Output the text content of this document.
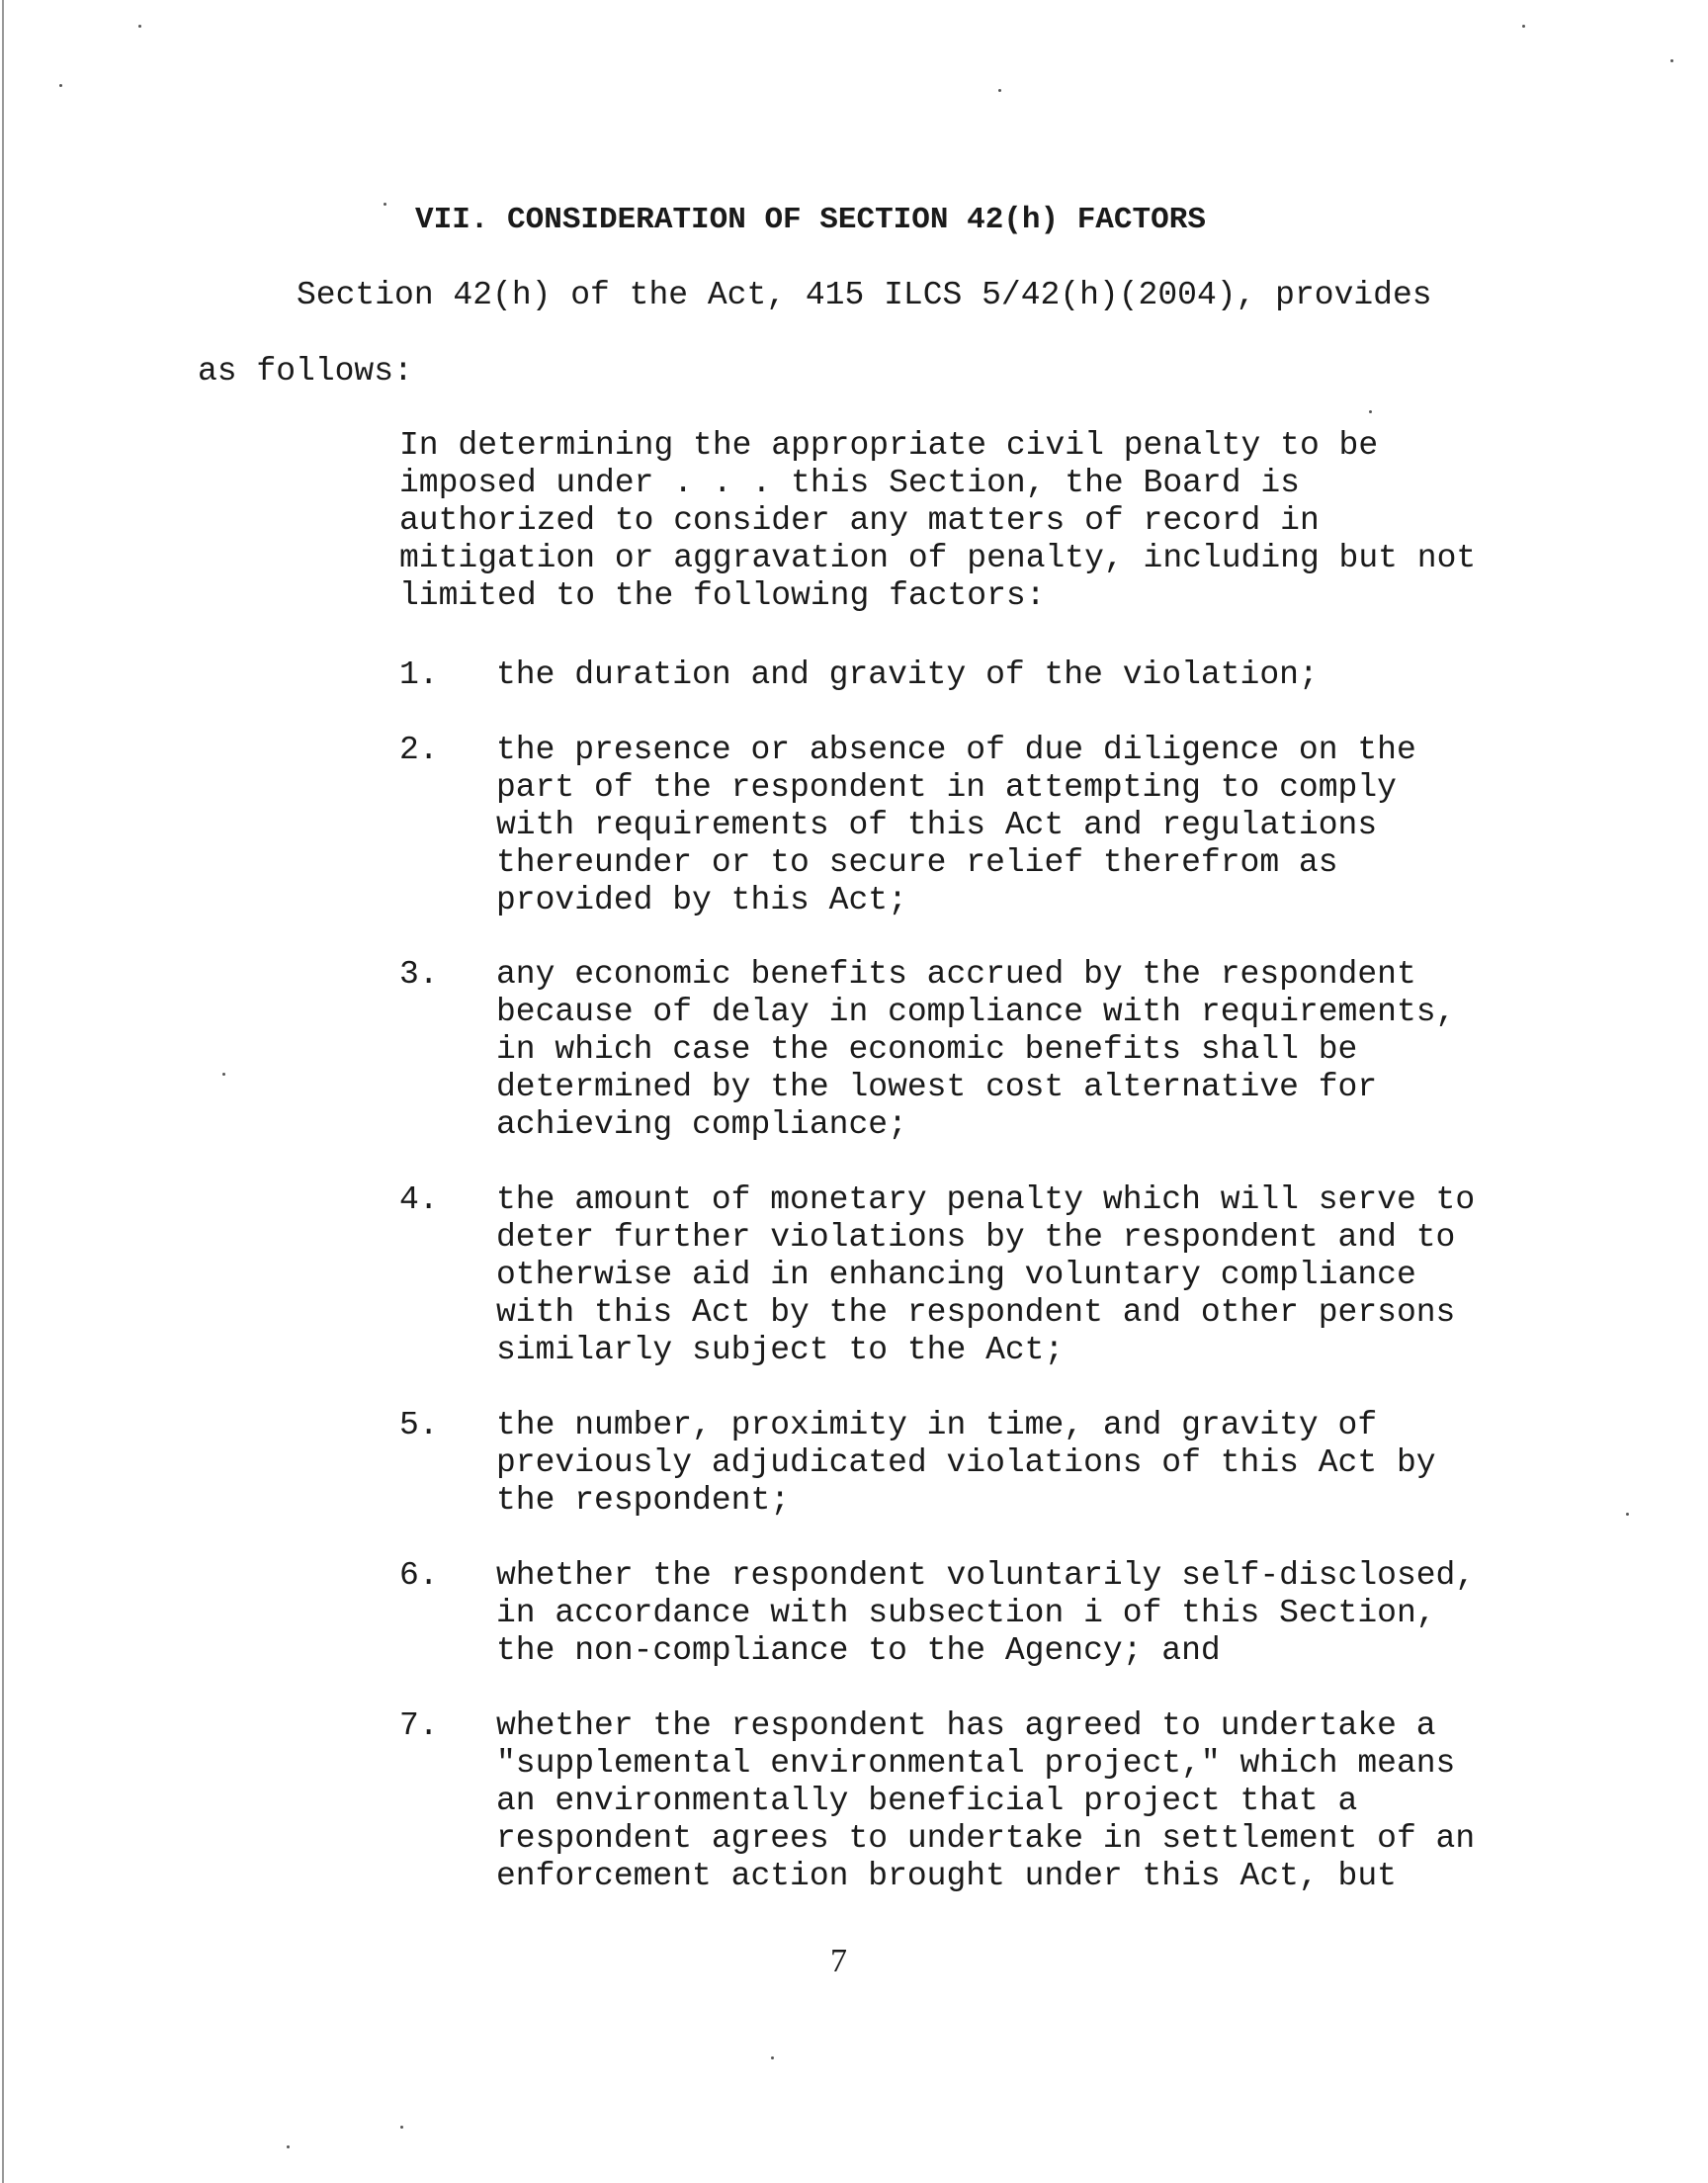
VII. CONSIDERATION OF SECTION 42(h) FACTORS
Section 42(h) of the Act, 415 ILCS 5/42(h)(2004), provides
as follows:
In determining the appropriate civil penalty to be
imposed under . . . this Section, the Board is
authorized to consider any matters of record in
mitigation or aggravation of penalty, including but not
limited to the following factors:
1. the duration and gravity of the violation;
2. the presence or absence of due diligence on the
part of the respondent in attempting to comply
with requirements of this Act and regulations
thereunder or to secure relief therefrom as
provided by this Act;
3. any economic benefits accrued by the respondent
because of delay in compliance with requirements,
in which case the economic benefits shall be
determined by the lowest cost alternative for
achieving compliance;
4. the amount of monetary penalty which will serve to
deter further violations by the respondent and to
otherwise aid in enhancing voluntary compliance
with this Act by the respondent and other persons
similarly subject to the Act;
5. the number, proximity in time, and gravity of
previously adjudicated violations of this Act by
the respondent;
6. whether the respondent voluntarily self-disclosed,
in accordance with subsection i of this Section,
the non-compliance to the Agency; and
7. whether the respondent has agreed to undertake a
"supplemental environmental project," which means
an environmentally beneficial project that a
respondent agrees to undertake in settlement of an
enforcement action brought under this Act, but
7
